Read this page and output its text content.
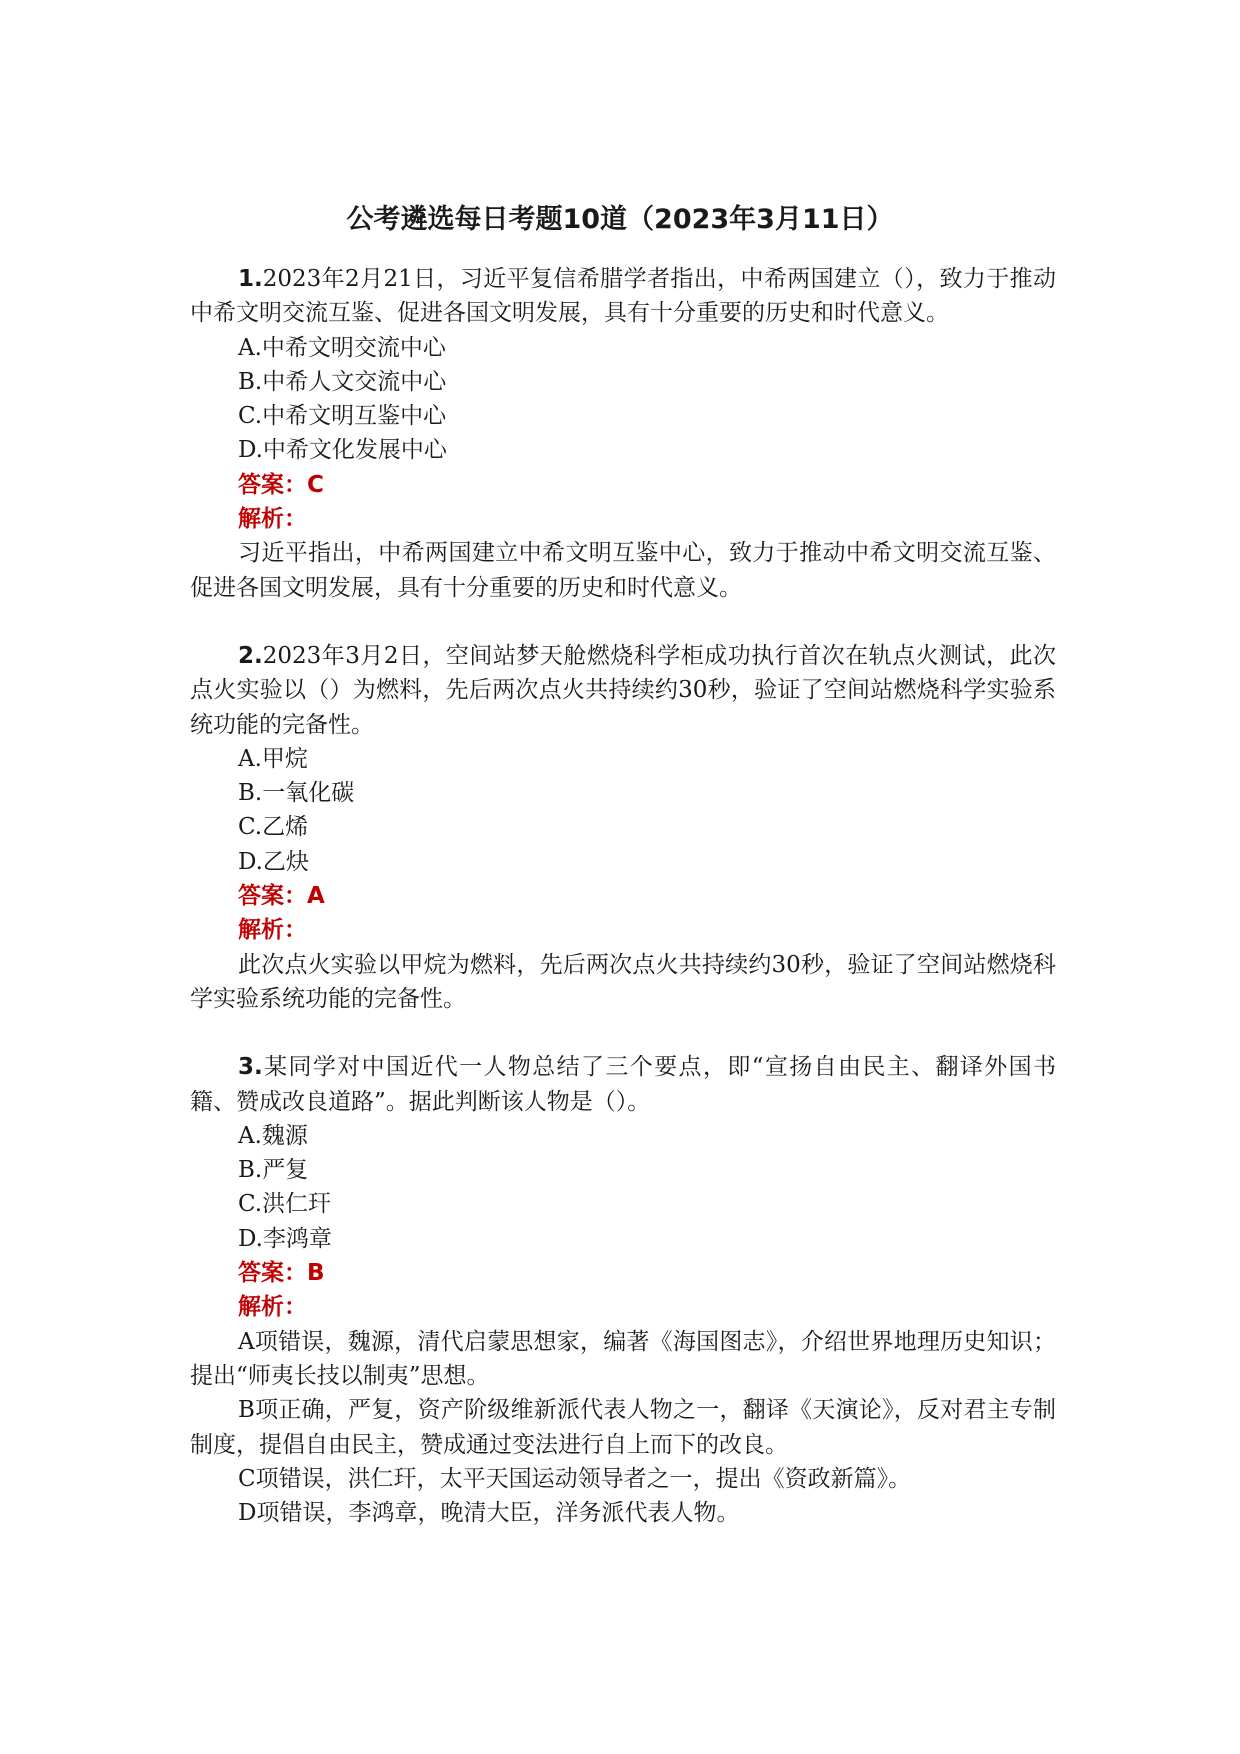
公考遴选每日考题10道（2023年3月11日）

1.2023年2月21日，习近平复信希腊学者指出，中希两国建立（），致力于推动中希文明交流互鉴、促进各国文明发展，具有十分重要的历史和时代意义。

A.中希文明交流中心

B.中希人文交流中心

C.中希文明互鉴中心

D.中希文化发展中心

答案：C

解析：

习近平指出，中希两国建立中希文明互鉴中心，致力于推动中希文明交流互鉴、促进各国文明发展，具有十分重要的历史和时代意义。

2.2023年3月2日，空间站梦天舱燃烧科学柜成功执行首次在轨点火测试，此次点火实验以（）为燃料，先后两次点火共持续约30秒，验证了空间站燃烧科学实验系统功能的完备性。

A.甲烷

B.一氧化碳

C.乙烯

D.乙炔

答案：A

解析：

此次点火实验以甲烷为燃料，先后两次点火共持续约30秒，验证了空间站燃烧科学实验系统功能的完备性。

3.某同学对中国近代一人物总结了三个要点，即“宣扬自由民主、翻译外国书籍、赞成改良道路”。据此判断该人物是（）。

A.魏源

B.严复

C.洪仁玕

D.李鸿章

答案：B

解析：

A项错误，魏源，清代启蒙思想家，编著《海国图志》，介绍世界地理历史知识；提出“师夷长技以制夷”思想。

B项正确，严复，资产阶级维新派代表人物之一，翻译《天演论》，反对君主专制制度，提倡自由民主，赞成通过变法进行自上而下的改良。

C项错误，洪仁玕，太平天国运动领导者之一，提出《资政新篇》。

D项错误，李鸿章，晚清大臣，洋务派代表人物。
